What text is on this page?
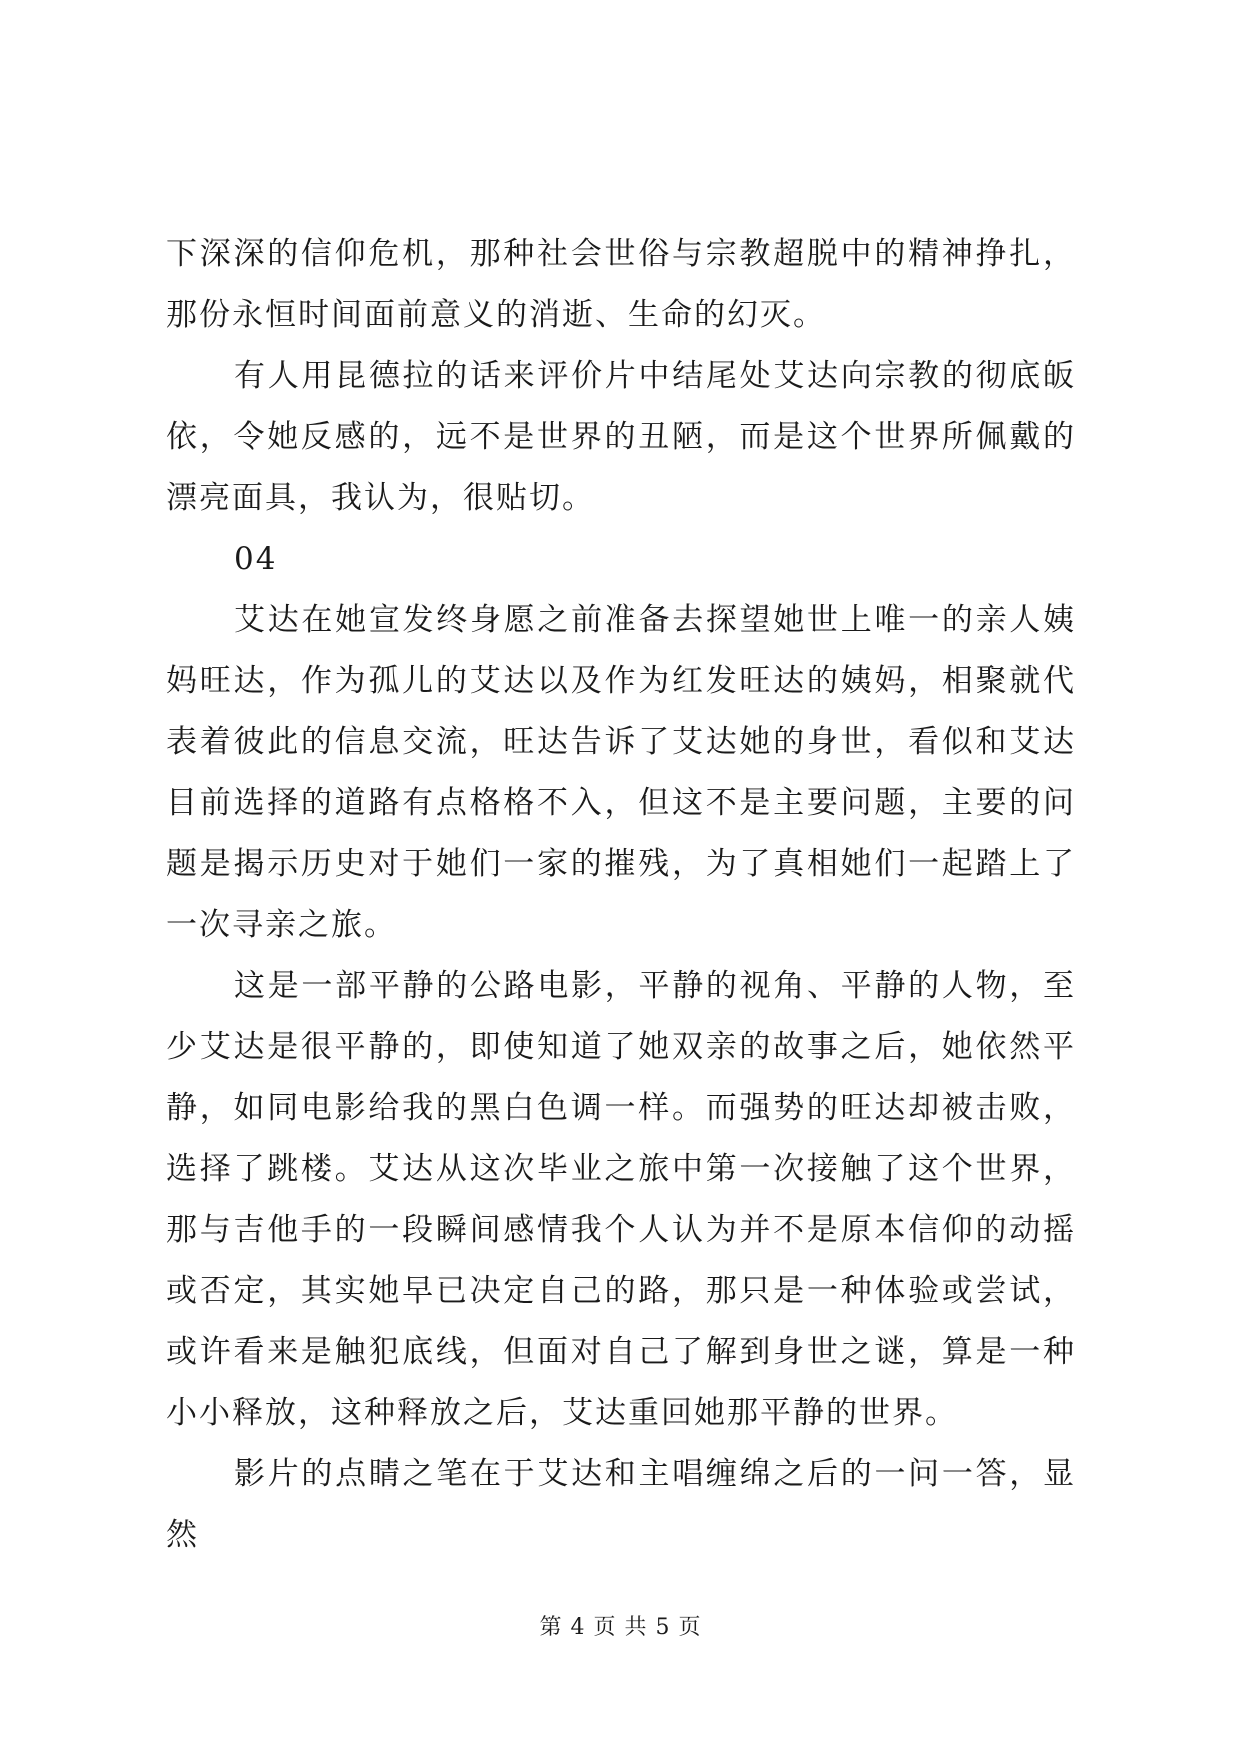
下深深的信仰危机，那种社会世俗与宗教超脱中的精神挣扎，那份永恒时间面前意义的消逝、生命的幻灭。

有人用昆德拉的话来评价片中结尾处艾达向宗教的彻底皈依，令她反感的，远不是世界的丑陋，而是这个世界所佩戴的漂亮面具，我认为，很贴切。

04

艾达在她宣发终身愿之前准备去探望她世上唯一的亲人姨妈旺达，作为孤儿的艾达以及作为红发旺达的姨妈，相聚就代表着彼此的信息交流，旺达告诉了艾达她的身世，看似和艾达目前选择的道路有点格格不入，但这不是主要问题，主要的问题是揭示历史对于她们一家的摧残，为了真相她们一起踏上了一次寻亲之旅。

这是一部平静的公路电影，平静的视角、平静的人物，至少艾达是很平静的，即使知道了她双亲的故事之后，她依然平静，如同电影给我的黑白色调一样。而强势的旺达却被击败，选择了跳楼。艾达从这次毕业之旅中第一次接触了这个世界，那与吉他手的一段瞬间感情我个人认为并不是原本信仰的动摇或否定，其实她早已决定自己的路，那只是一种体验或尝试，或许看来是触犯底线，但面对自己了解到身世之谜，算是一种小小释放，这种释放之后，艾达重回她那平静的世界。

影片的点睛之笔在于艾达和主唱缠绵之后的一问一答，显然

第 4 页 共 5 页
